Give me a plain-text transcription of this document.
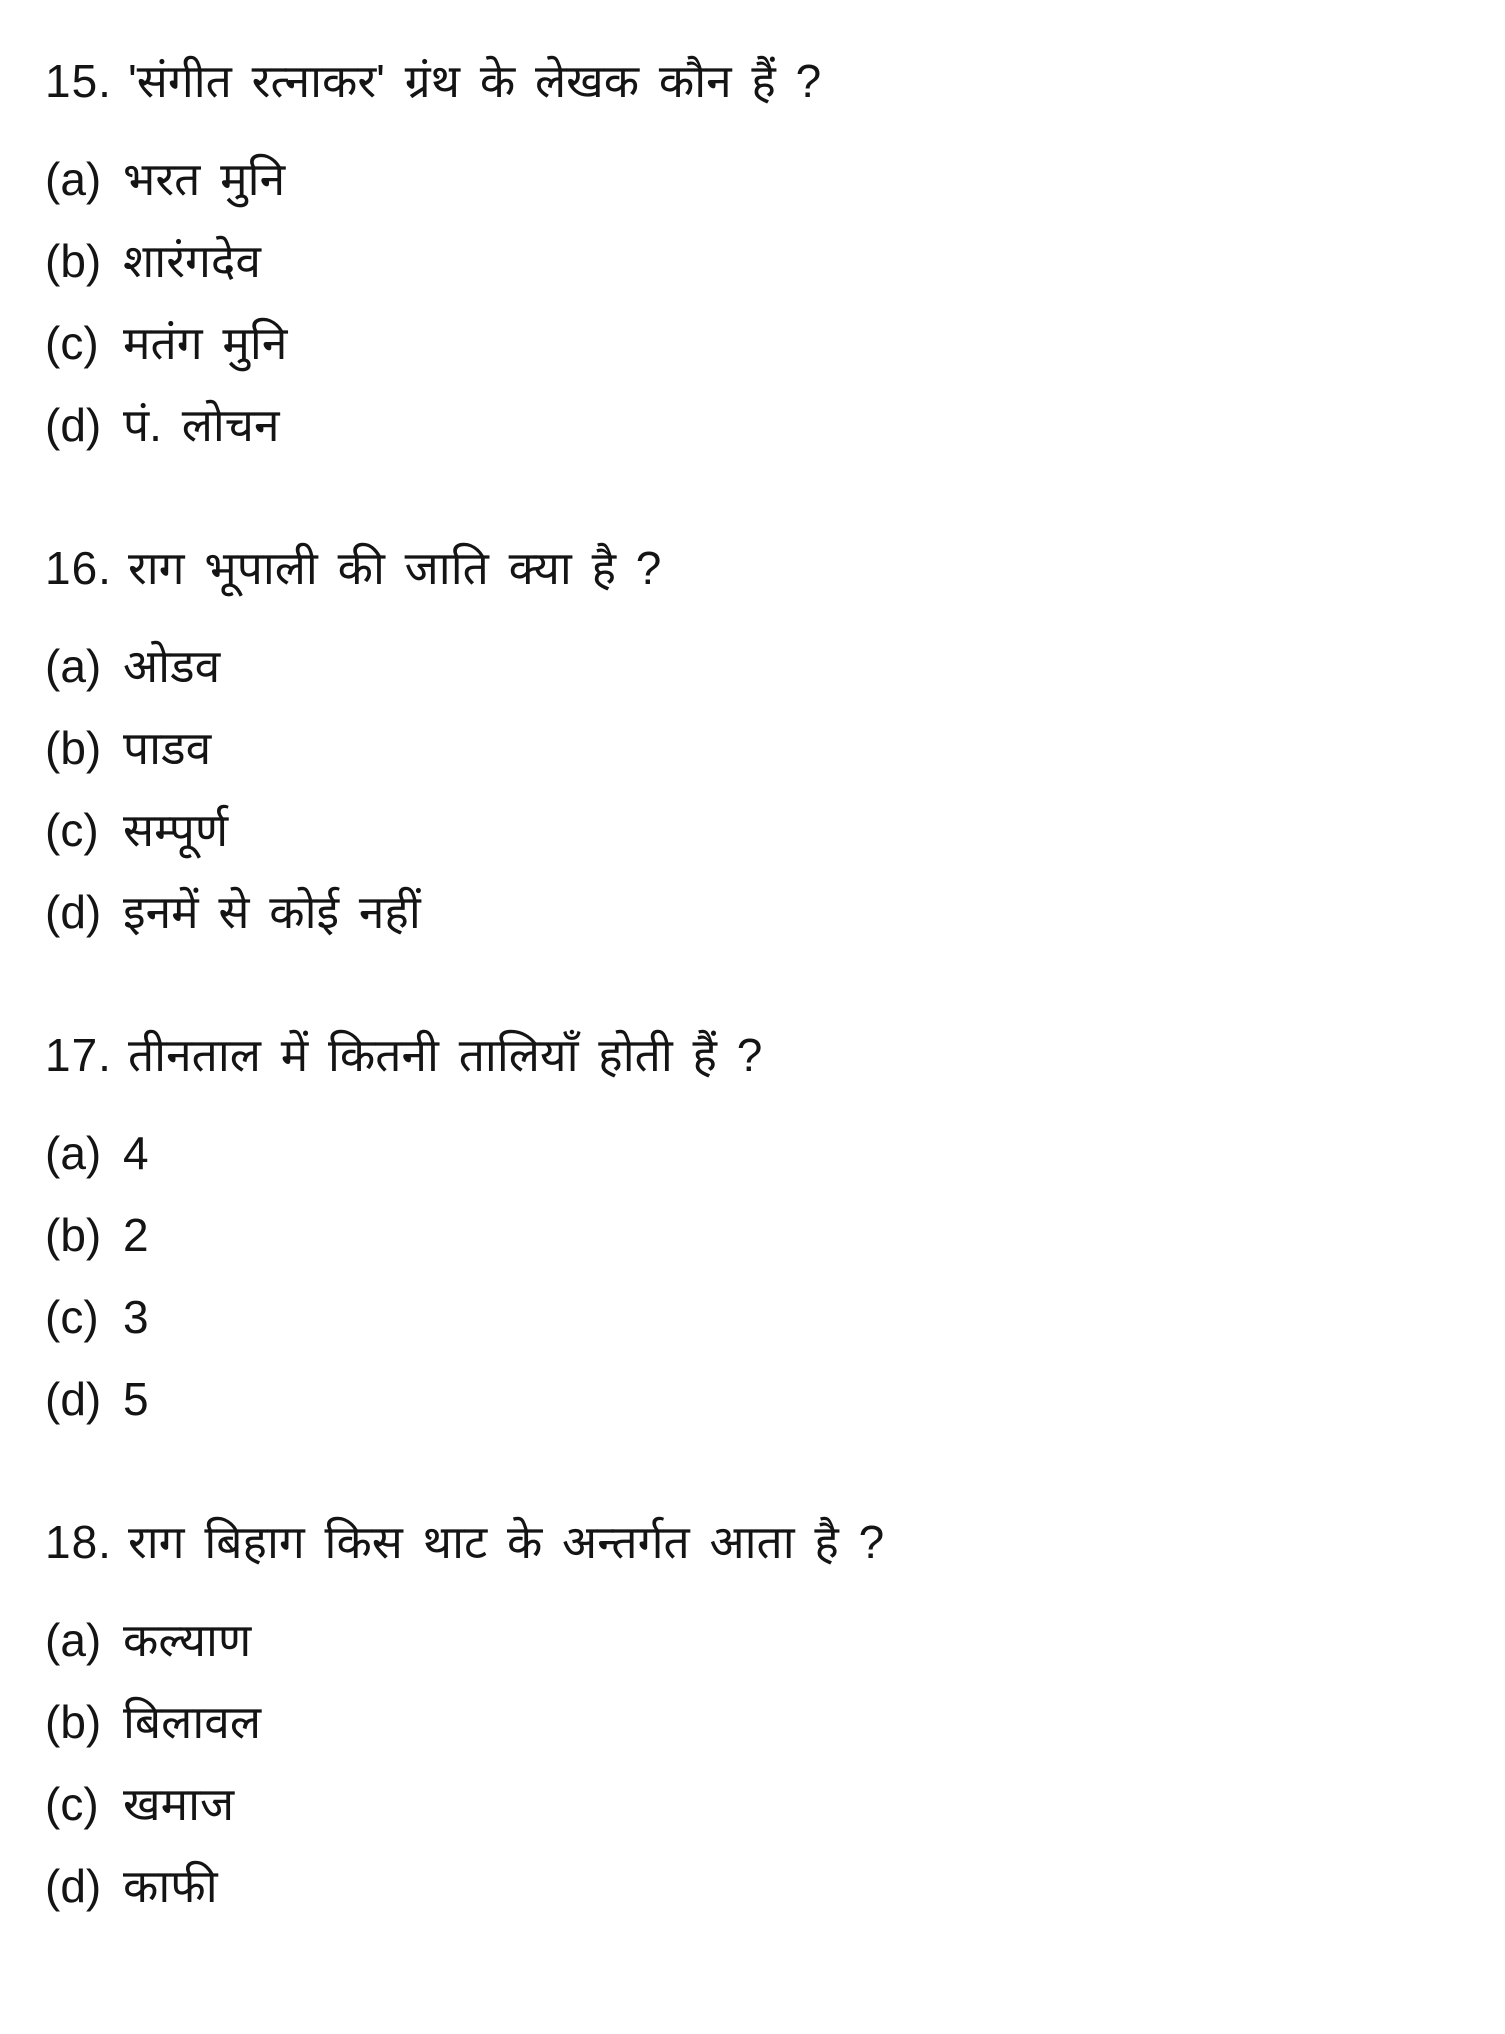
15. 'संगीत रत्नाकर' ग्रंथ के लेखक कौन हैं ?
(a) भरत मुनि
(b) शारंगदेव
(c) मतंग मुनि
(d) पं. लोचन
16. राग भूपाली की जाति क्या है ?
(a) ओडव
(b) पाडव
(c) सम्पूर्ण
(d) इनमें से कोई नहीं
17. तीनताल में कितनी तालियाँ होती हैं ?
(a) 4
(b) 2
(c) 3
(d) 5
18. राग बिहाग किस थाट के अन्तर्गत आता है ?
(a) कल्याण
(b) बिलावल
(c) खमाज
(d) काफी
